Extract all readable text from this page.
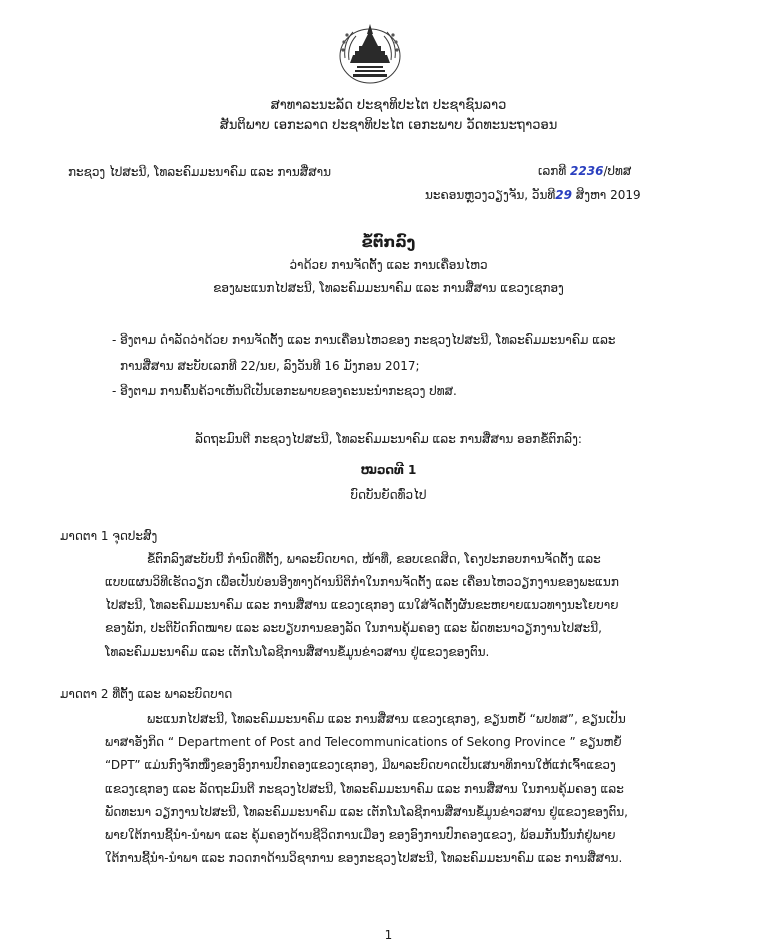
ສາທາລະນະລັດ ປະຊາທິປະໄຕ ປະຊາຊົນລາວ
ສັນຕິພາບ ເອກະລາດ ປະຊາທິປະໄຕ ເອກະພາບ ວັດທະນະຖາວອນ
ກະຊວງ ໄປສະນີ, ໂທລະຄົມມະນາຄົມ ແລະ ການສື່ສານ	ເລກທີ 2236/ປທສ
ນະຄອນຫຼວງວຽງຈັນ, ວັນທີ29 ສິງຫາ 2019
ຂໍ້ຕົກລົງ
ວ່າດ້ວຍ ການຈັດຕັ້ງ ແລະ ການເຄື່ອນໄຫວ
ຂອງພະແນກໄປສະນີ, ໂທລະຄົມມະນາຄົມ ແລະ ການສື່ສານ ແຂວງເຊກອງ
- ອີງຕາມ ດຳລັດວ່າດ້ວຍ ການຈັດຕັ້ງ ແລະ ການເຄື່ອນໄຫວຂອງ ກະຊວງໄປສະນີ, ໂທລະຄົມມະນາຄົມ ແລະ
ການສື່ສານ ສະບັບເລກທີ 22/ນຍ, ລົງວັນທີ 16 ມັງກອນ 2017;
- ອີງຕາມ ການຄົ້ນຄ້ວາເຫັນດີເປັນເອກະພາບຂອງຄະນະນຳກະຊວງ ປທສ.
ລັດຖະມົນຕີ ກະຊວງໄປສະນີ, ໂທລະຄົມມະນາຄົມ ແລະ ການສື່ສານ ອອກຂໍ້ຕົກລົງ:
ໝວດທີ 1
ບົດບັນຍັດທົ່ວໄປ
ມາດຕາ 1 ຈຸດປະສົງ

ຂໍ້ຕົກລົງສະບັບນີ້ ກຳນົດທີ່ຕັ້ງ, ພາລະບົດບາດ, ໜ້າທີ່, ຂອບເຂດສິດ, ໂຄງປະກອບການຈັດຕັ້ງ ແລະ

ແບບແຜນວິທີເຮັດວຽກ ເພື່ອເປັນບ່ອນອີງທາງດ້ານນິຕິກຳໃນການຈັດຕັ້ງ ແລະ ເຄື່ອນໄຫວວຽກງານຂອງພະແນກ

ໄປສະນີ, ໂທລະຄົມມະນາຄົມ ແລະ ການສື່ສານ ແຂວງເຊກອງ ແນໃສ່ຈັດຕັ້ງຜັນຂະຫຍາຍແນວທາງນະໂຍບາຍ

ຂອງພັກ, ປະຕິບັດກົດໝາຍ ແລະ ລະບຽບການຂອງລັດ ໃນການຄຸ້ມຄອງ ແລະ ພັດທະນາວຽກງານໄປສະນີ,

ໂທລະຄົມມະນາຄົມ ແລະ ເຕັກໂນໂລຊີການສື່ສານຂໍ້ມູນຂ່າວສານ ຢູ່ແຂວງຂອງຕົນ.

ມາດຕາ 2 ທີ່ຕັ້ງ ແລະ ພາລະບົດບາດ

ພະແນກໄປສະນີ, ໂທລະຄົມມະນາຄົມ ແລະ ການສື່ສານ ແຂວງເຊກອງ, ຂຽນຫຍໍ້ “ພປທສ”, ຂຽນເປັນ

ພາສາອັງກິດ “ Department of Post and Telecommunications of Sekong Province ” ຂຽນຫຍໍ້

“DPT” ແມ່ນກົງຈັກໜຶ່ງຂອງອົງການປົກຄອງແຂວງເຊກອງ, ມີພາລະບົດບາດເປັນເສນາທິການໃຫ້ແກ່ເຈົ້າແຂວງ

ແຂວງເຊກອງ ແລະ ລັດຖະມົນຕີ ກະຊວງໄປສະນີ, ໂທລະຄົມມະນາຄົມ ແລະ ການສື່ສານ ໃນການຄຸ້ມຄອງ ແລະ

ພັດທະນາ ວຽກງານໄປສະນີ, ໂທລະຄົມມະນາຄົມ ແລະ ເຕັກໂນໂລຊີການສື່ສານຂໍ້ມູນຂ່າວສານ ຢູ່ແຂວງຂອງຕົນ,

ພາຍໃຕ້ການຊີ້ນຳ-ນຳພາ ແລະ ຄຸ້ມຄອງດ້ານຊີວິດການເມືອງ ຂອງອົງການປົກຄອງແຂວງ, ພ້ອມກັນນັ້ນກໍ່ຢູ່ພາຍ

ໃຕ້ການຊີ້ນຳ-ນຳພາ ແລະ ກວດກາດ້ານວິຊາການ ຂອງກະຊວງໄປສະນີ, ໂທລະຄົມມະນາຄົມ ແລະ ການສື່ສານ.

1
